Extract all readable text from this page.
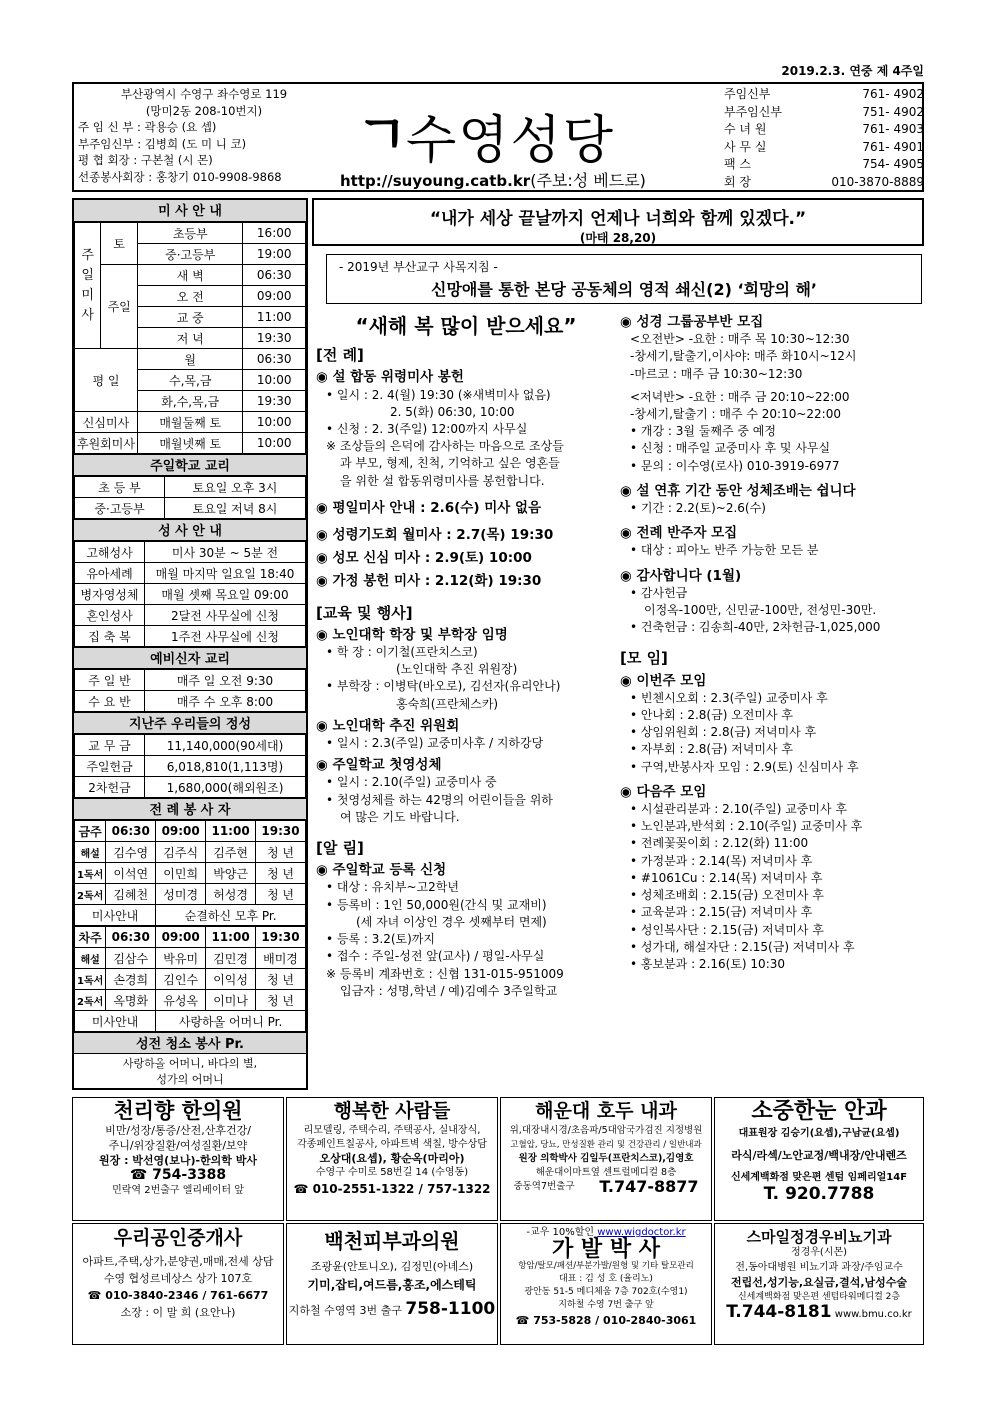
2019.2.3. 연중 제 4주일
부산광역시 수영구 좌수영로 119
(망미2동 208-10번지)
주 임 신 부 : 곽용승 (요 셉)
부주임신부 : 김병희 (도 미 니 코)
평 협 회장 : 구본철 (시 몬)
선종봉사회장 : 홍창기 010-9908-9868
ㄱ
수영성당
http://suyoung.catb.kr(주보:성 베드로)
주임신부	761- 4902
부주임신부	751- 4902
수 녀 원	761- 4903
사 무 실	761- 4901
팩 스	754- 4905
회 장	010-3870-8889
미 사 안 내
주일미사	토	초등부	16:00
		중·고등부	19:00
	주일	새 벽	06:30
		오 전	09:00
		교 중	11:00
		저 녁	19:30
평 일		월	06:30
		수,목,금	10:00
		화,수,목,금	19:30
신심미사		매월둘째 토	10:00
후원회미사		매월넷째 토	10:00
주일학교 교리
초 등 부	토요일 오후 3시
중·고등부	토요일 저녁 8시
성 사 안 내
고해성사	미사 30분 ~ 5분 전
유아세례	매월 마지막 일요일 18:40
병자영성체	매월 셋째 목요일 09:00
혼인성사	2달전 사무실에 신청
집 축 복	1주전 사무실에 신청
예비신자 교리
주 일 반	매주 일 오전 9:30
수 요 반	매주 수 오후 8:00
지난주 우리들의 정성
교 무 금	11,140,000(90세대)
주일헌금	6,018,810(1,113명)
2차헌금	1,680,000(해외원조)
전 례 봉 사 자
금주	06:30	09:00	11:00	19:30
해설	김수영	김주식	김주현	청 년
1독서	이석연	이민희	박양근	청 년
2독서	김혜천	성미경	허성경	청 년
미사안내		순결하신 모후 Pr.		
차주	06:30	09:00	11:00	19:30
해설	김삼수	박유미	김민경	배미경
1독서	손경희	김인수	이익성	청 년
2독서	옥명화	유성옥	이미나	청 년
미사안내		사랑하올 어머니 Pr.		
성전 청소 봉사 Pr.
사랑하올 어머니, 바다의 별,
성가의 어머니
“내가 세상 끝날까지 언제나 너희와 함께 있겠다.”
(마태 28,20)
- 2019년 부산교구 사목지침 -
신망애를 통한 본당 공동체의 영적 쇄신(2) ‘희망의 해’
“새해 복 많이 받으세요”
[전 례]
◉ 설 합동 위령미사 봉헌
• 일시 : 2. 4(월) 19:30 (※새벽미사 없음)
2. 5(화) 06:30, 10:00
• 신청 : 2. 3(주일) 12:00까지 사무실
※ 조상들의 은덕에 감사하는 마음으로 조상들
과 부모, 형제, 친척, 기억하고 싶은 영혼들
을 위한 설 합동위령미사를 봉헌합니다.
◉ 평일미사 안내 : 2.6(수) 미사 없음
◉ 성령기도회 월미사 : 2.7(목) 19:30
◉ 성모 신심 미사 : 2.9(토) 10:00
◉ 가정 봉헌 미사 : 2.12(화) 19:30
[교육 및 행사]
◉ 노인대학 학장 및 부학장 임명
• 학 장 : 이기철(프란치스코)
(노인대학 추진 위원장)
• 부학장 : 이병탁(바오로), 김선자(유리안나)
홍숙희(프란체스카)
◉ 노인대학 추진 위원회
• 일시 : 2.3(주일) 교중미사후 / 지하강당
◉ 주일학교 첫영성체
• 일시 : 2.10(주일) 교중미사 중
• 첫영성체를 하는 42명의 어린이들을 위하
여 많은 기도 바랍니다.
[알 림]
◉ 주일학교 등록 신청
• 대상 : 유치부~고2학년
• 등록비 : 1인 50,000원(간식 및 교재비)
(세 자녀 이상인 경우 셋째부터 면제)
• 등록 : 3.2(토)까지
• 접수 : 주일-성전 앞(교사) / 평일-사무실
※ 등록비 계좌번호 : 신협 131-015-951009
입금자 : 성명,학년 / 예)김예수 3주일학교
◉ 성경 그룹공부반 모집
<오전반> -요한 : 매주 목 10:30~12:30
-창세기,탈출기,이사야: 매주 화10시~12시
-마르코 : 매주 금 10:30~12:30
<저녁반> -요한 : 매주 금 20:10~22:00
-창세기,탈출기 : 매주 수 20:10~22:00
• 개강 : 3월 둘째주 중 예정
• 신청 : 매주일 교중미사 후 및 사무실
• 문의 : 이수영(로사) 010-3919-6977
◉ 설 연휴 기간 동안 성체조배는 쉽니다
• 기간 : 2.2(토)~2.6(수)
◉ 전례 반주자 모집
• 대상 : 피아노 반주 가능한 모든 분
◉ 감사합니다 (1월)
• 감사헌금
이정옥-100만, 신민균-100만, 전성민-30만.
• 건축헌금 : 김송희-40만, 2차헌금-1,025,000
[모 임]
◉ 이번주 모임
• 빈첸시오회 : 2.3(주일) 교중미사 후
• 안나회 : 2.8(금) 오전미사 후
• 상임위원회 : 2.8(금) 저녁미사 후
• 자부회 : 2.8(금) 저녁미사 후
• 구역,반봉사자 모임 : 2.9(토) 신심미사 후
◉ 다음주 모임
• 시설관리분과 : 2.10(주일) 교중미사 후
• 노인분과,반석회 : 2.10(주일) 교중미사 후
• 전례꽃꽂이회 : 2.12(화) 11:00
• 가정분과 : 2.14(목) 저녁미사 후
• #1061Cu : 2.14(목) 저녁미사 후
• 성체조배회 : 2.15(금) 오전미사 후
• 교육분과 : 2.15(금) 저녁미사 후
• 성인복사단 : 2.15(금) 저녁미사 후
• 성가대, 해설자단 : 2.15(금) 저녁미사 후
• 홍보분과 : 2.16(토) 10:30
천리향 한의원
비만/성장/통증/산전,산후건강/
주니/위장질환/여성질환/보약
원장 : 박선영(보나)-한의학 박사
☎ 754-3388
민락역 2번출구 엘리베이터 앞
행복한 사람들
리모델링, 주택수리, 주택공사, 실내장식,
각종페인트칠공사, 아파트벽 색칠, 방수상담
오상대(요셉), 황순옥(마리아)
수영구 수미로 58번길 14 (수영동)
☎ 010-2551-1322 / 757-1322
해운대 호두 내과
위,대장내시경/초음파/5대암국가검진 지정병원
고혈압, 당뇨, 만성질환 관리 및 건강관리 / 일반내과
원장 의학박사 김일두(프란치스코),김영호
해운대이마트옆 센트럴메디컬 8층
중동역7번출구 T.747-8877
소중한눈 안과
대표원장 김승기(요셉),구남균(요셉)
라식/라섹/노안교정/백내장/안내렌즈
신세계백화점 맞은편 센텀 임페리얼14F
T. 920.7788
우리공인중개사
아파트,주택,상가,분양권,매매,전세 상담
수영 협성르네상스 상가 107호
☎ 010-3840-2346 / 761-6677
소장 : 이 말 희 (요안나)
백천피부과의원
조광윤(안토니오), 김정민(아녜스)
기미,잡티,여드름,홍조,에스테틱
지하철 수영역 3번 출구 758-1100
-교우 10%할인 www.wigdoctor.kr
가 발 박 사
항암/탈모/패션/부분가발/원형 및 기타 탈모관리
대표 : 김 성 호 (율리노)
광안동 51-5 메디체움 7층 702호(수영1)
지하철 수영 7번 출구 앞
☎ 753-5828 / 010-2840-3061
스마일정경우비뇨기과
정경우(시몬)
전,동아대병원 비뇨기과 과장/주임교수
전립선,성기능,요실금,결석,남성수술
신세계백화점 맞은편 센텀타워메디컬 2층
T.744-8181 www.bmu.co.kr
